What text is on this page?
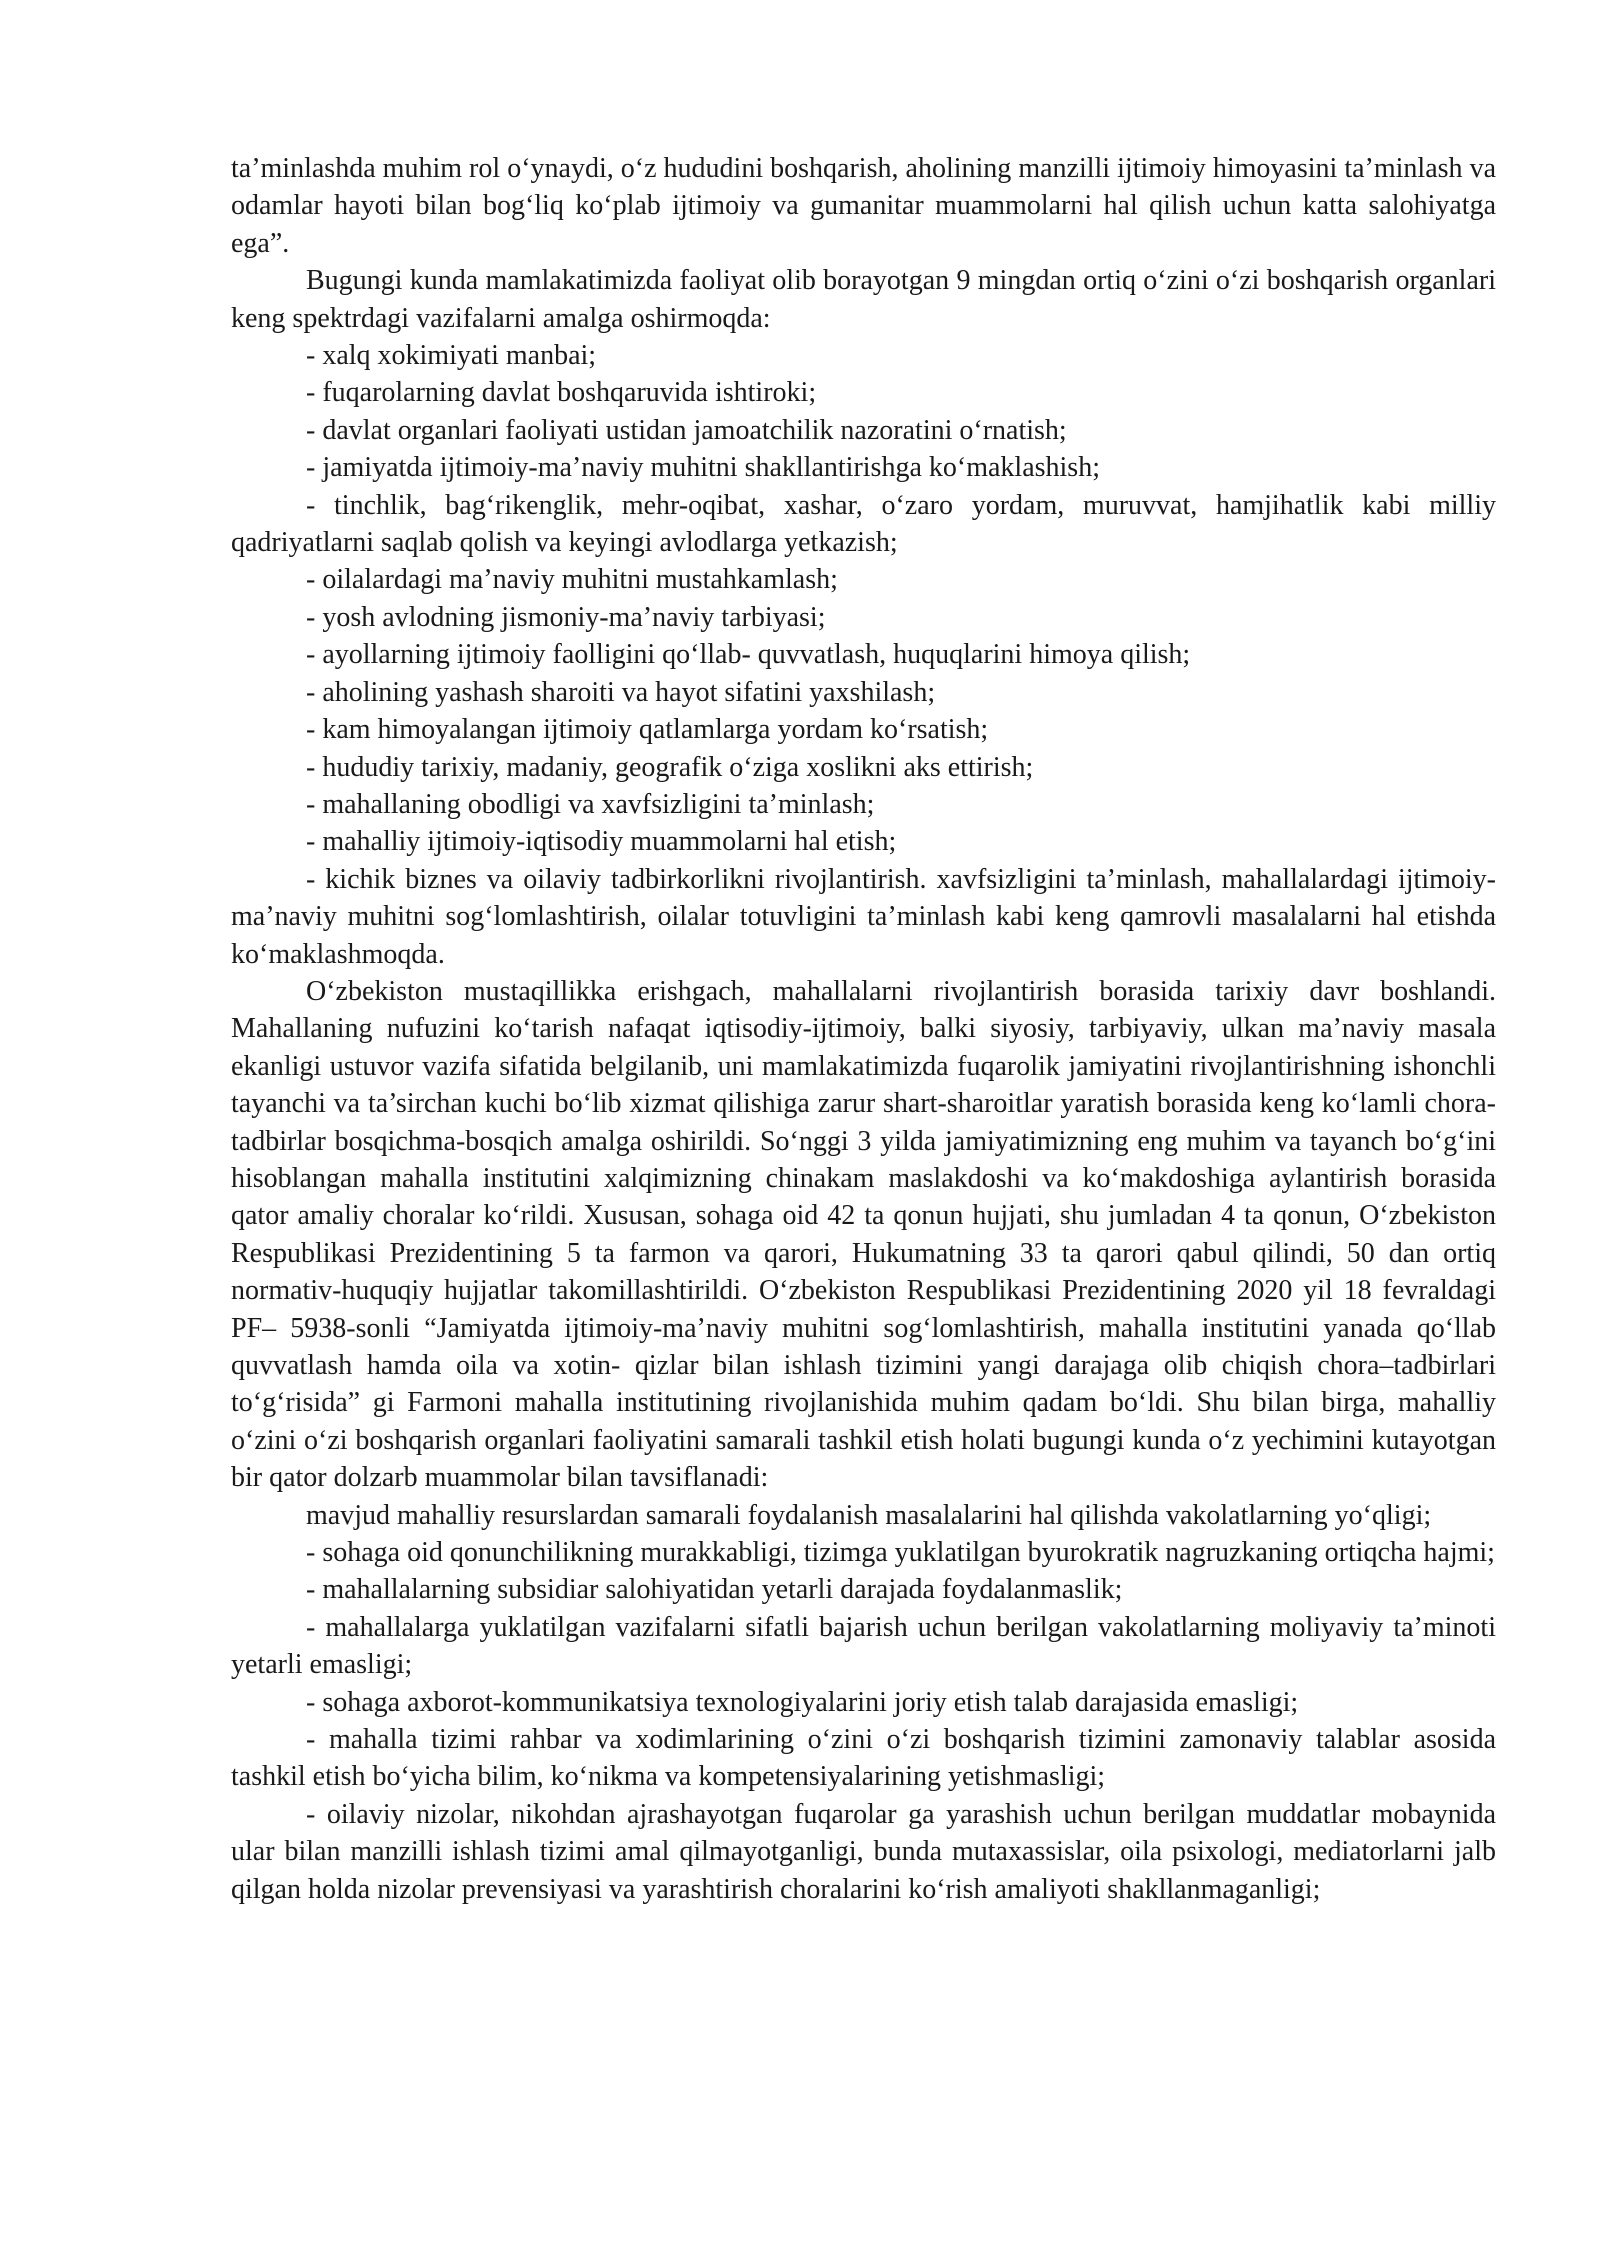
ta’minlashda muhim rol o‘ynaydi, o‘z hududini boshqarish, aholining manzilli ijtimoiy himoyasini ta’minlash va odamlar hayoti bilan bog‘liq ko‘plab ijtimoiy va gumanitar muammolarni hal qilish uchun katta salohiyatga ega”.

Bugungi kunda mamlakatimizda faoliyat olib borayotgan 9 mingdan ortiq o‘zini o‘zi boshqarish organlari keng spektrdagi vazifalarni amalga oshirmoqda:

- xalq xokimiyati manbai;

- fuqarolarning davlat boshqaruvida ishtiroki;

- davlat organlari faoliyati ustidan jamoatchilik nazoratini o‘rnatish;

- jamiyatda ijtimoiy-ma’naviy muhitni shakllantirishga ko‘maklashish;

- tinchlik, bag‘rikenglik, mehr-oqibat, xashar, o‘zaro yordam, muruvvat, hamjihatlik kabi milliy qadriyatlarni saqlab qolish va keyingi avlodlarga yetkazish;

- oilalardagi ma’naviy muhitni mustahkamlash;

- yosh avlodning jismoniy-ma’naviy tarbiyasi;

- ayollarning ijtimoiy faolligini qo‘llab- quvvatlash, huquqlarini himoya qilish;

- aholining yashash sharoiti va hayot sifatini yaxshilash;

- kam himoyalangan ijtimoiy qatlamlarga yordam ko‘rsatish;

- hududiy tarixiy, madaniy, geografik o‘ziga xoslikni aks ettirish;

- mahallaning obodligi va xavfsizligini ta’minlash;

- mahalliy ijtimoiy-iqtisodiy muammolarni hal etish;

- kichik biznes va oilaviy tadbirkorlikni rivojlantirish. xavfsizligini ta’minlash, mahallalardagi ijtimoiy-ma’naviy muhitni sog‘lomlashtirish, oilalar totuvligini ta’minlash kabi keng qamrovli masalalarni hal etishda ko‘maklashmoqda.

O‘zbekiston mustaqillikka erishgach, mahallalarni rivojlantirish borasida tarixiy davr boshlandi. Mahallaning nufuzini ko‘tarish nafaqat iqtisodiy-ijtimoiy, balki siyosiy, tarbiyaviy, ulkan ma’naviy masala ekanligi ustuvor vazifa sifatida belgilanib, uni mamlakatimizda fuqarolik jamiyatini rivojlantirishning ishonchli tayanchi va ta’sirchan kuchi bo‘lib xizmat qilishiga zarur shart-sharoitlar yaratish borasida keng ko‘lamli chora-tadbirlar bosqichma-bosqich amalga oshirildi. So‘nggi 3 yilda jamiyatimizning eng muhim va tayanch bo‘g‘ini hisoblangan mahalla institutini xalqimizning chinakam maslakdoshi va ko‘makdoshiga aylantirish borasida qator amaliy choralar ko‘rildi. Xususan, sohaga oid 42 ta qonun hujjati, shu jumladan 4 ta qonun, O‘zbekiston Respublikasi Prezidentining 5 ta farmon va qarori, Hukumatning 33 ta qarori qabul qilindi, 50 dan ortiq normativ-huquqiy hujjatlar takomillashtirildi. O‘zbekiston Respublikasi Prezidentining 2020 yil 18 fevraldagi PF– 5938-sonli “Jamiyatda ijtimoiy-ma’naviy muhitni sog‘lomlashtirish, mahalla institutini yanada qo‘llab quvvatlash hamda oila va xotin- qizlar bilan ishlash tizimini yangi darajaga olib chiqish chora–tadbirlari to‘g‘risida” gi Farmoni mahalla institutining rivojlanishida muhim qadam bo‘ldi. Shu bilan birga, mahalliy o‘zini o‘zi boshqarish organlari faoliyatini samarali tashkil etish holati bugungi kunda o‘z yechimini kutayotgan bir qator dolzarb muammolar bilan tavsiflanadi:

mavjud mahalliy resurslardan samarali foydalanish masalalarini hal qilishda vakolatlarning yo‘qligi;

- sohaga oid qonunchilikning murakkabligi, tizimga yuklatilgan byurokratik nagruzkaning ortiqcha hajmi;

- mahallalarning subsidiar salohiyatidan yetarli darajada foydalanmaslik;

- mahallalarga yuklatilgan vazifalarni sifatli bajarish uchun berilgan vakolatlarning moliyaviy ta’minoti yetarli emasligi;

- sohaga axborot-kommunikatsiya texnologiyalarini joriy etish talab darajasida emasligi;

- mahalla tizimi rahbar va xodimlarining o‘zini o‘zi boshqarish tizimini zamonaviy talablar asosida tashkil etish bo‘yicha bilim, ko‘nikma va kompetensiyalarining yetishmasligi;

- oilaviy nizolar, nikohdan ajrashayotgan fuqarolar ga yarashish uchun berilgan muddatlar mobaynida ular bilan manzilli ishlash tizimi amal qilmayotganligi, bunda mutaxassislar, oila psixologi, mediatorlarni jalb qilgan holda nizolar prevensiyasi va yarashtirish choralarini ko‘rish amaliyoti shakllanmaganligi;
